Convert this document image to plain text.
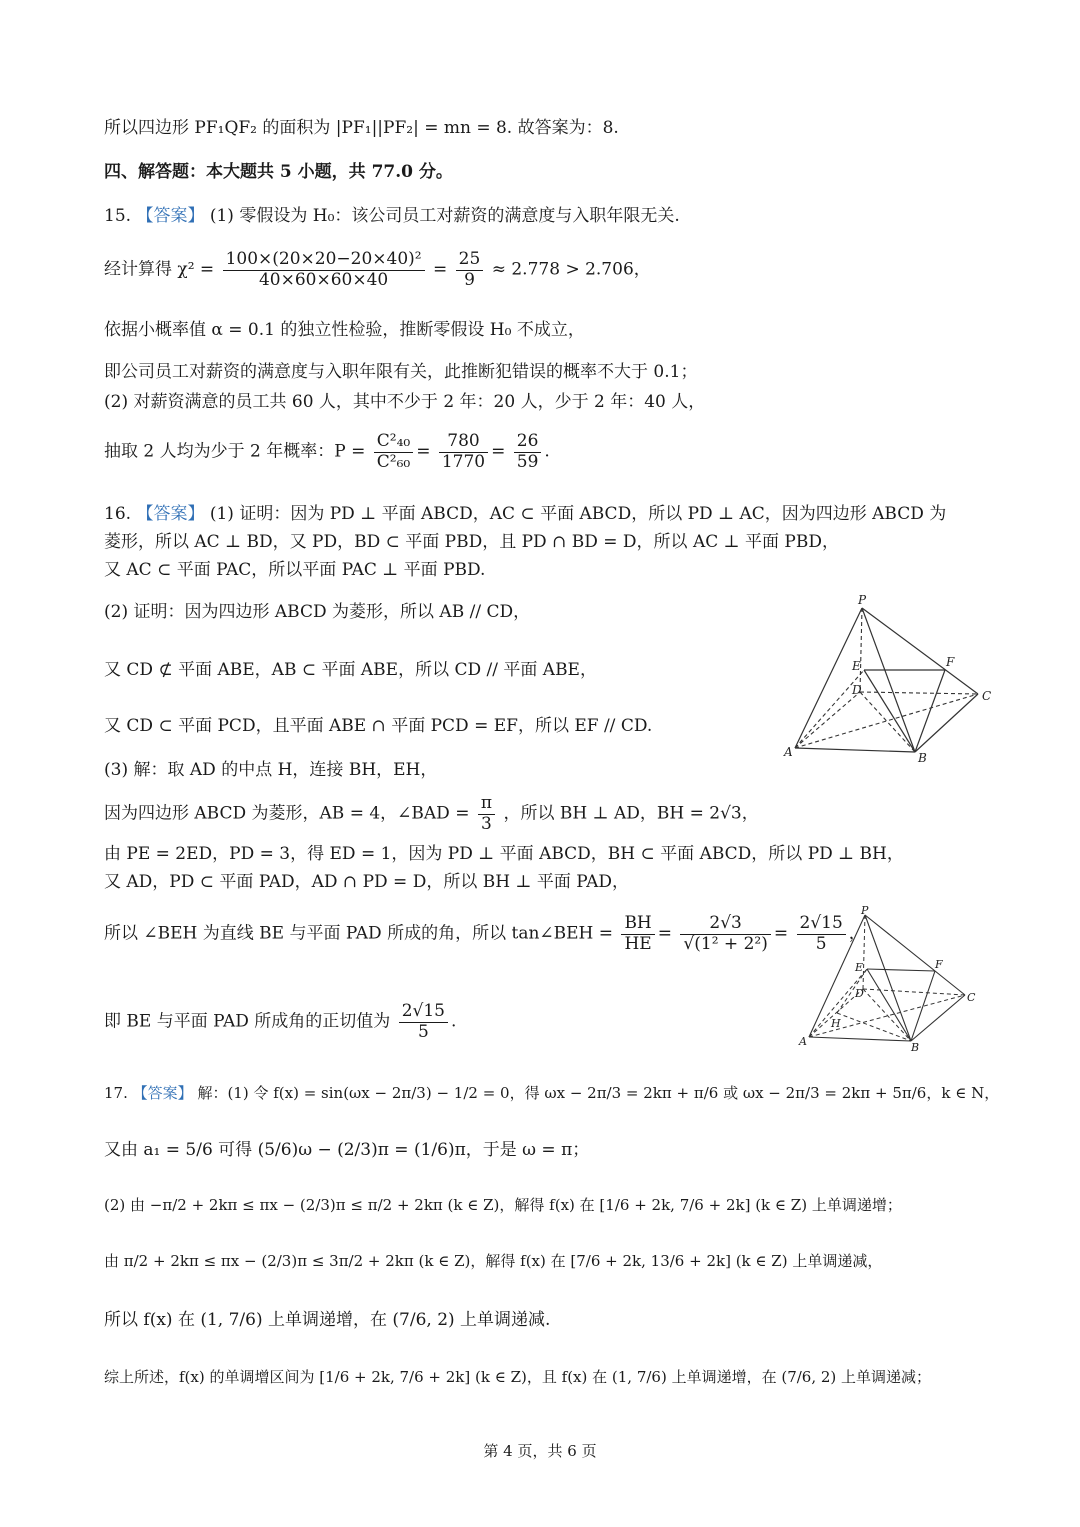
所以四边形 PF₁QF₂ 的面积为 |PF₁||PF₂| = mn = 8. 故答案为：8.
四、解答题：本大题共 5 小题，共 77.0 分。
15. 【答案】 (1) 零假设为 H₀：该公司员工对薪资的满意度与入职年限无关.
经计算得 $\chi^2 = \frac{\text{100×(20×20−20×40)²}}{40\times 60\times 60\times 40} = \frac{25}{9} \approx 2.778 > 2.706$，
依据小概率值 α = 0.1 的独立性检验，推断零假设 H₀ 不成立，
即公司员工对薪资的满意度与入职年限有关，此推断犯错误的概率不大于 0.1；
(2) 对薪资满意的员工共 60 人，其中不少于 2 年：20 人，少于 2 年：40 人，
抽取 2 人均为少于 2 年概率：$P = \frac{\text{C²₄₀}}{\text{C²₆₀}} = \frac{780}{1770} = \frac{26}{59}$ .
16. 【答案】 (1) 证明：因为 PD ⊥ 平面 ABCD，AC ⊂ 平面 ABCD，所以 PD ⊥ AC，因为四边形 ABCD 为
菱形，所以 AC ⊥ BD，又 PD，BD ⊂ 平面 PBD，且 PD ∩ BD = D，所以 AC ⊥ 平面 PBD，
又 AC ⊂ 平面 PAC，所以平面 PAC ⊥ 平面 PBD.
(2) 证明：因为四边形 ABCD 为菱形，所以 AB // CD，
又 CD ⊄ 平面 ABE，AB ⊂ 平面 ABE，所以 CD // 平面 ABE，
又 CD ⊂ 平面 PCD，且平面 ABE ∩ 平面 PCD = EF，所以 EF // CD.
(3) 解：取 AD 的中点 H，连接 BH，EH，
因为四边形 ABCD 为菱形，AB = 4，∠BAD = $\frac{\pi}{3}$ ，所以 BH ⊥ AD，BH = 2√3，
由 PE = 2ED，PD = 3，得 ED = 1，因为 PD ⊥ 平面 ABCD，BH ⊂ 平面 ABCD，所以 PD ⊥ BH，
又 AD，PD ⊂ 平面 PAD，AD ∩ PD = D，所以 BH ⊥ 平面 PAD，
所以 ∠BEH 为直线 BE 与平面 PAD 所成的角，所以 tan∠BEH = $\frac{BH}{HE} = \frac{2√3}{\text{√(1² + 2²)}} = \frac{2√15}{5}$ ，
即 BE 与平面 PAD 所成角的正切值为 $\frac{2√15}{5}$ .
17. 【答案】 解：(1) 令 f(x) = sin(ωx − 2π/3) − 1/2 = 0，得 ωx − 2π/3 = 2kπ + π/6 或 ωx − 2π/3 = 2kπ + 5π/6，k ∈ N，
又由 a₁ = 5/6 可得 (5/6)ω − (2/3)π = (1/6)π，于是 ω = π；
(2) 由 −π/2 + 2kπ ≤ πx − (2/3)π ≤ π/2 + 2kπ (k ∈ Z)，解得 f(x) 在 [1/6 + 2k, 7/6 + 2k] (k ∈ Z) 上单调递增；
由 π/2 + 2kπ ≤ πx − (2/3)π ≤ 3π/2 + 2kπ (k ∈ Z)，解得 f(x) 在 [7/6 + 2k, 13/6 + 2k] (k ∈ Z) 上单调递减，
所以 f(x) 在 (1, 7/6) 上单调递增，在 (7/6, 2) 上单调递减.
综上所述，f(x) 的单调增区间为 [1/6 + 2k, 7/6 + 2k] (k ∈ Z)，且 f(x) 在 (1, 7/6) 上单调递增，在 (7/6, 2) 上单调递减；
P
E	F
D	C
A	B
P
E	F
D	C
A	B
H
第 4 页，共 6 页
